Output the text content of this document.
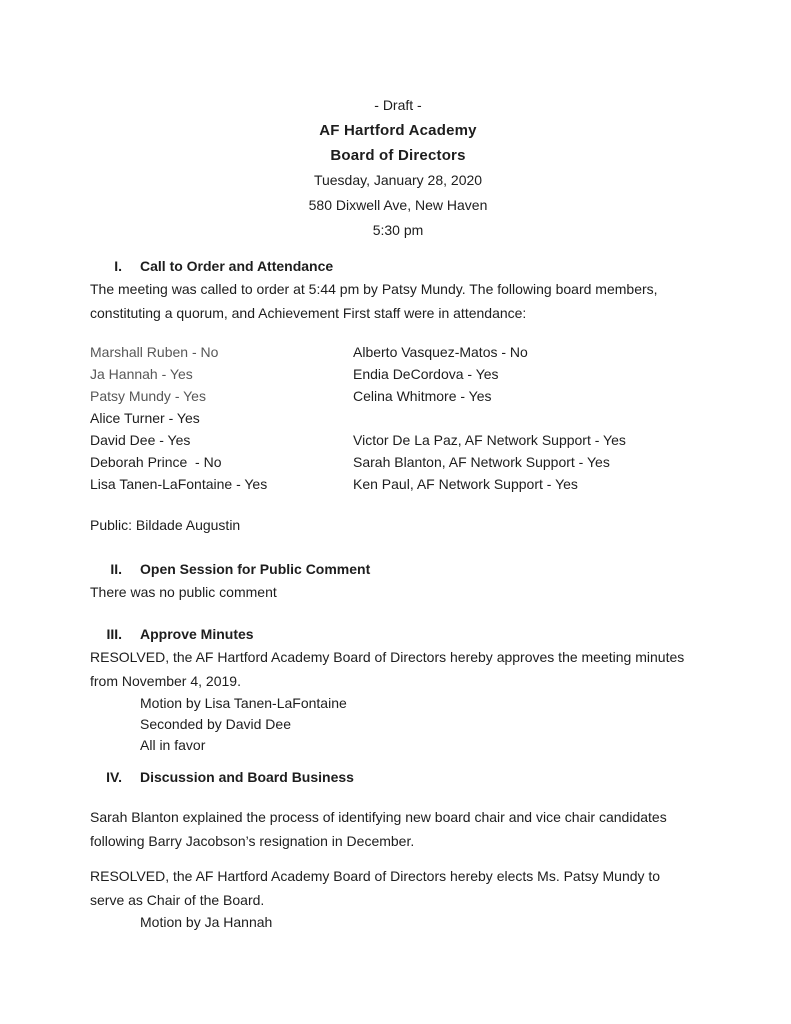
- Draft -
AF Hartford Academy
Board of Directors
Tuesday, January 28, 2020
580 Dixwell Ave, New Haven
5:30 pm
I. Call to Order and Attendance
The meeting was called to order at 5:44 pm by Patsy Mundy. The following board members,
constituting a quorum, and Achievement First staff were in attendance:
Marshall Ruben - No	Alberto Vasquez-Matos - No
Ja Hannah - Yes	Endia DeCordova - Yes
Patsy Mundy - Yes	Celina Whitmore - Yes
Alice Turner - Yes
David Dee - Yes	Victor De La Paz, AF Network Support - Yes
Deborah Prince  - No	Sarah Blanton, AF Network Support - Yes
Lisa Tanen-LaFontaine - Yes	Ken Paul, AF Network Support - Yes
Public: Bildade Augustin
II. Open Session for Public Comment
There was no public comment
III. Approve Minutes
RESOLVED, the AF Hartford Academy Board of Directors hereby approves the meeting minutes
from November 4, 2019.
Motion by Lisa Tanen-LaFontaine
Seconded by David Dee
All in favor
IV. Discussion and Board Business
Sarah Blanton explained the process of identifying new board chair and vice chair candidates
following Barry Jacobson’s resignation in December.
RESOLVED, the AF Hartford Academy Board of Directors hereby elects Ms. Patsy Mundy to
serve as Chair of the Board.
Motion by Ja Hannah
